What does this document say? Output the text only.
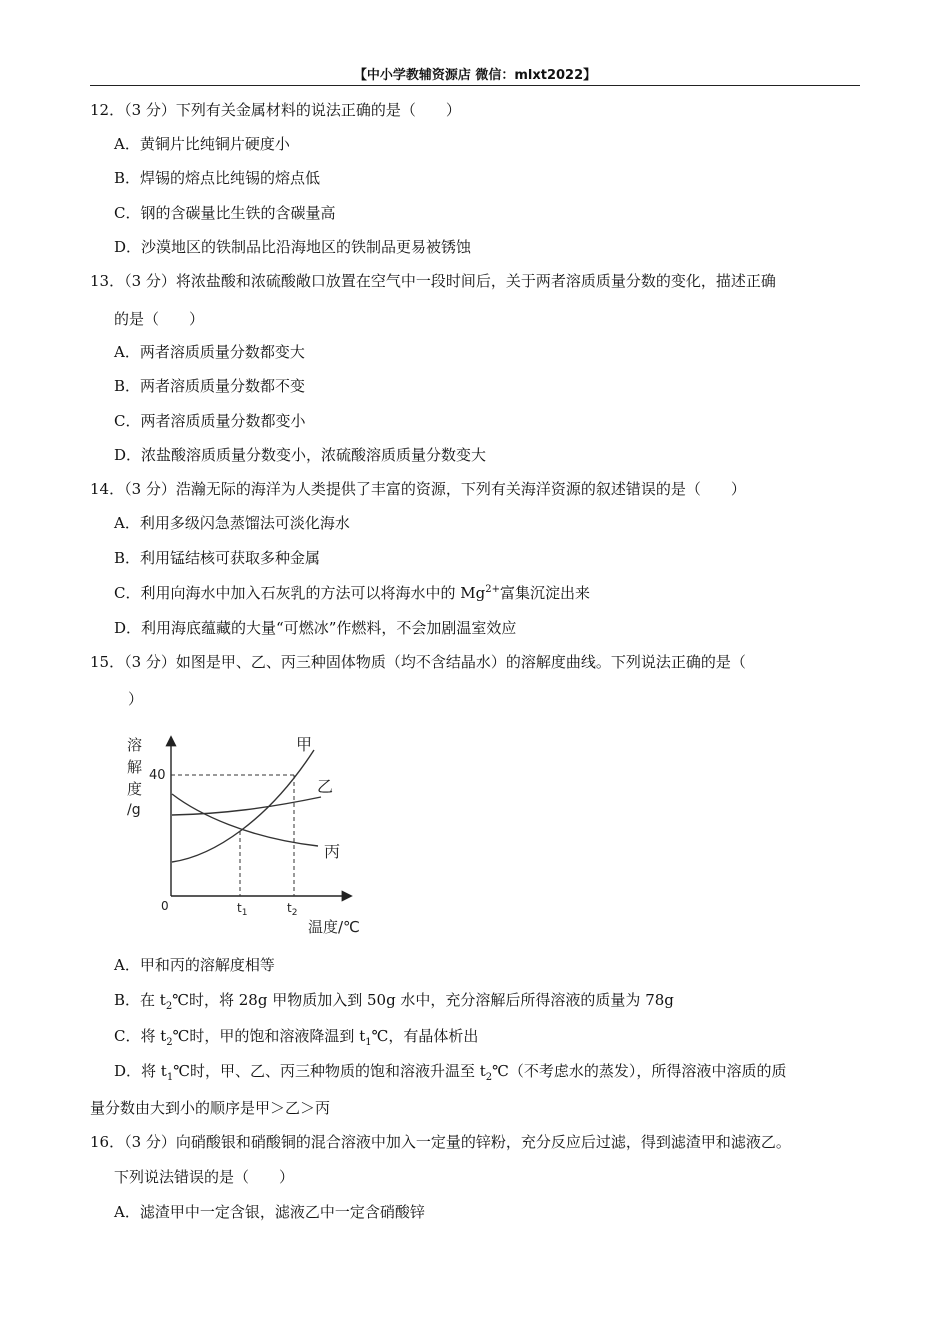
【中小学教辅资源店 微信：mlxt2022】
12．（3 分）下列有关金属材料的说法正确的是（　　）
A．黄铜片比纯铜片硬度小
B．焊锡的熔点比纯锡的熔点低
C．钢的含碳量比生铁的含碳量高
D．沙漠地区的铁制品比沿海地区的铁制品更易被锈蚀
13．（3 分）将浓盐酸和浓硫酸敞口放置在空气中一段时间后，关于两者溶质质量分数的变化，描述正确
的是（　　）
A．两者溶质质量分数都变大
B．两者溶质质量分数都不变
C．两者溶质质量分数都变小
D．浓盐酸溶质质量分数变小，浓硫酸溶质质量分数变大
14．（3 分）浩瀚无际的海洋为人类提供了丰富的资源，下列有关海洋资源的叙述错误的是（　　）
A．利用多级闪急蒸馏法可淡化海水
B．利用锰结核可获取多种金属
C．利用向海水中加入石灰乳的方法可以将海水中的 $Mg^{2+}$富集沉淀出来
D．利用海底蕴藏的大量“可燃冰”作燃料，不会加剧温室效应
15．（3 分）如图是甲、乙、丙三种固体物质（均不含结晶水）的溶解度曲线。下列说法正确的是（
）
溶
解
度
/g
40
0	$t_1$	$t_2$
温度/℃
甲
乙
丙
A．甲和丙的溶解度相等
B．在 $t_2℃$时，将 28g 甲物质加入到 50g 水中，充分溶解后所得溶液的质量为 78g
C．将 $t_2℃$时，甲的饱和溶液降温到 $t_1℃$，有晶体析出
D．将 $t_1℃$时，甲、乙、丙三种物质的饱和溶液升温至 $t_2℃$（不考虑水的蒸发），所得溶液中溶质的质
量分数由大到小的顺序是甲＞乙＞丙
16．（3 分）向硝酸银和硝酸铜的混合溶液中加入一定量的锌粉，充分反应后过滤，得到滤渣甲和滤液乙。
下列说法错误的是（　　）
A．滤渣甲中一定含银，滤液乙中一定含硝酸锌
